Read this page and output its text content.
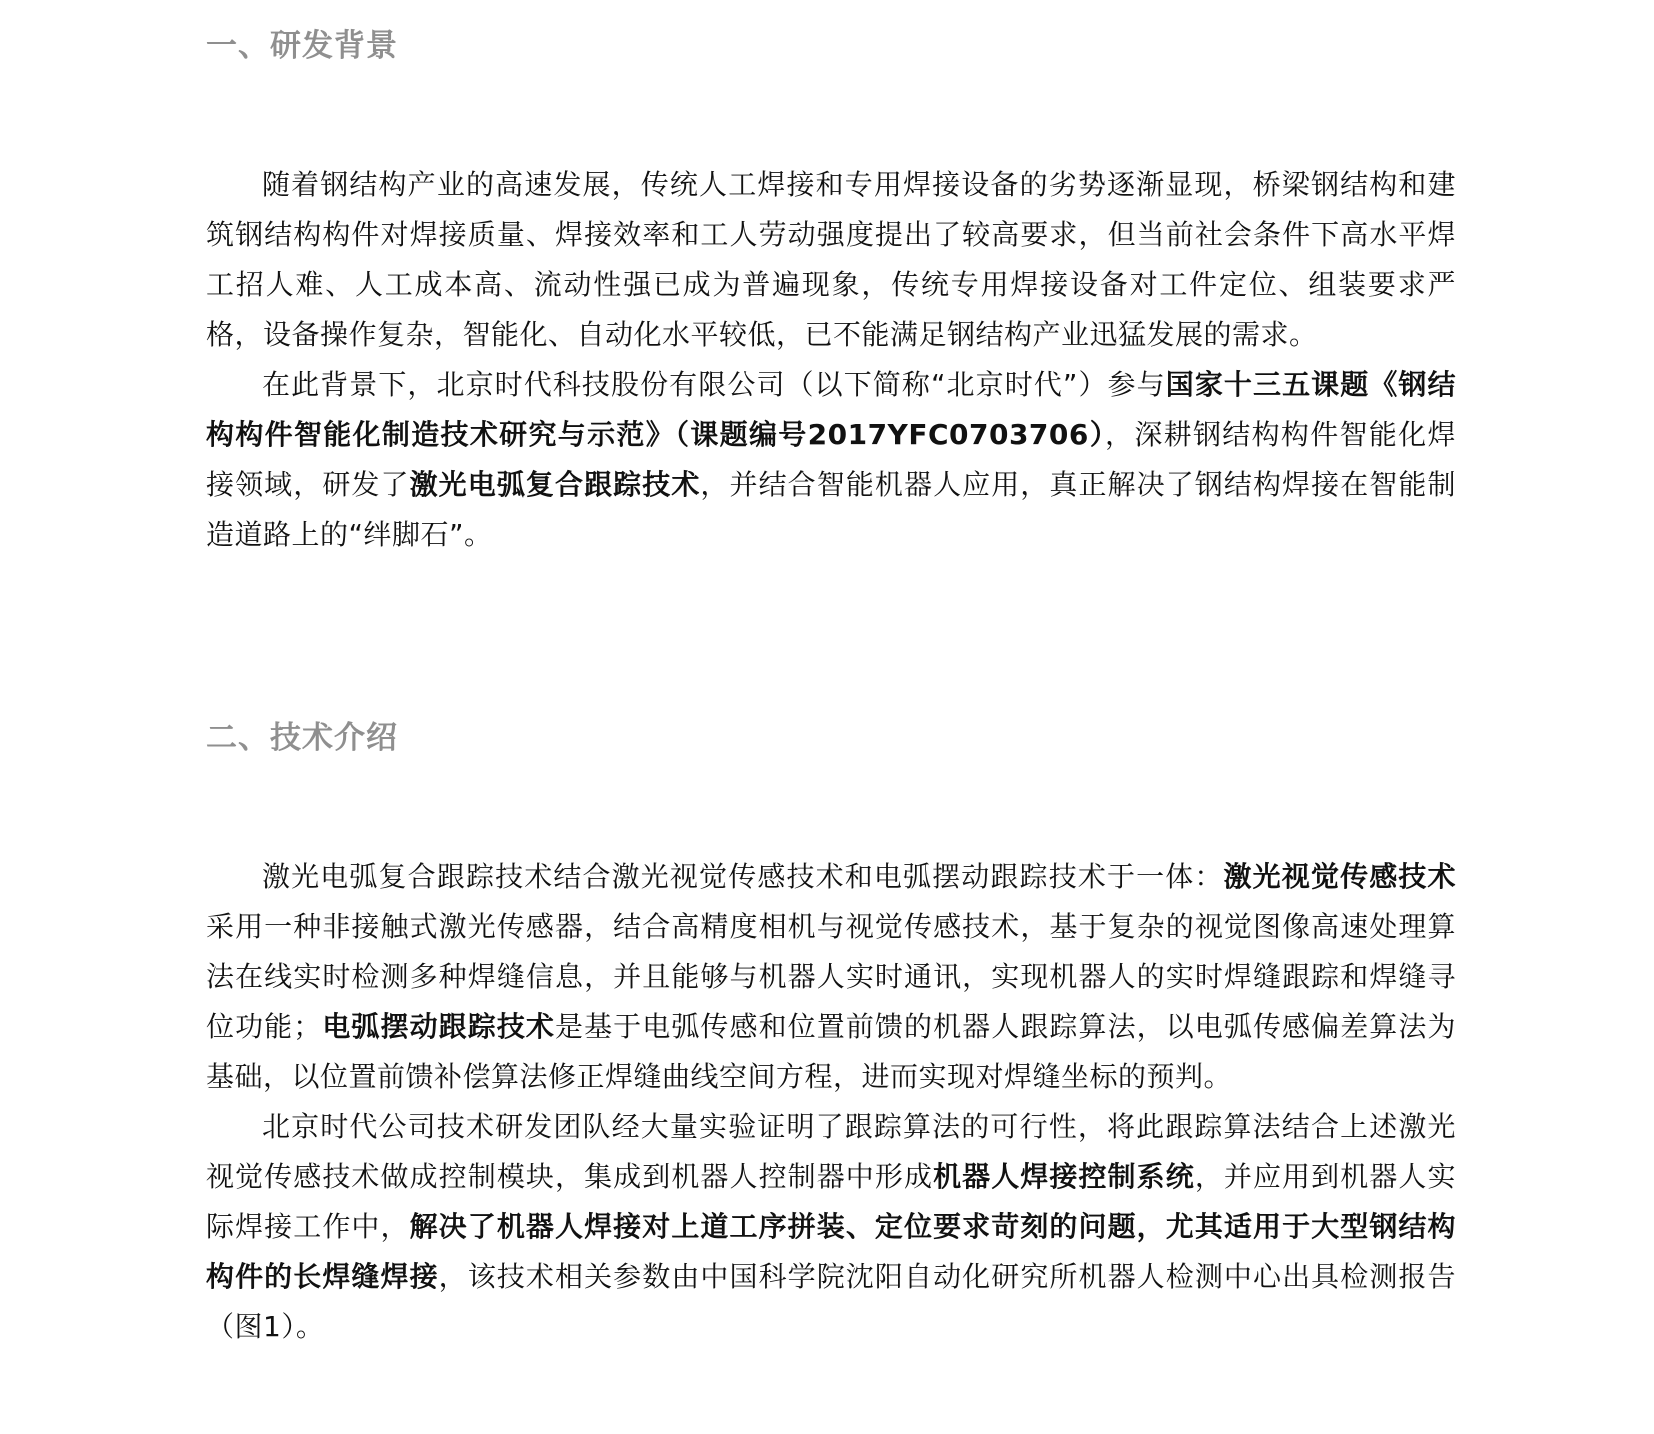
一、研发背景

随着钢结构产业的高速发展，传统人工焊接和专用焊接设备的劣势逐渐显现，桥梁钢结构和建筑钢结构构件对焊接质量、焊接效率和工人劳动强度提出了较高要求，但当前社会条件下高水平焊工招人难、人工成本高、流动性强已成为普遍现象，传统专用焊接设备对工件定位、组装要求严格，设备操作复杂，智能化、自动化水平较低，已不能满足钢结构产业迅猛发展的需求。

在此背景下，北京时代科技股份有限公司（以下简称“北京时代”）参与国家十三五课题《钢结构构件智能化制造技术研究与示范》（课题编号2017YFC0703706），深耕钢结构构件智能化焊接领域，研发了激光电弧复合跟踪技术，并结合智能机器人应用，真正解决了钢结构焊接在智能制造道路上的“绊脚石”。

二、技术介绍

激光电弧复合跟踪技术结合激光视觉传感技术和电弧摆动跟踪技术于一体：激光视觉传感技术采用一种非接触式激光传感器，结合高精度相机与视觉传感技术，基于复杂的视觉图像高速处理算法在线实时检测多种焊缝信息，并且能够与机器人实时通讯，实现机器人的实时焊缝跟踪和焊缝寻位功能；电弧摆动跟踪技术是基于电弧传感和位置前馈的机器人跟踪算法，以电弧传感偏差算法为基础，以位置前馈补偿算法修正焊缝曲线空间方程，进而实现对焊缝坐标的预判。

北京时代公司技术研发团队经大量实验证明了跟踪算法的可行性，将此跟踪算法结合上述激光视觉传感技术做成控制模块，集成到机器人控制器中形成机器人焊接控制系统，并应用到机器人实际焊接工作中，解决了机器人焊接对上道工序拼装、定位要求苛刻的问题，尤其适用于大型钢结构构件的长焊缝焊接，该技术相关参数由中国科学院沈阳自动化研究所机器人检测中心出具检测报告（图1）。
